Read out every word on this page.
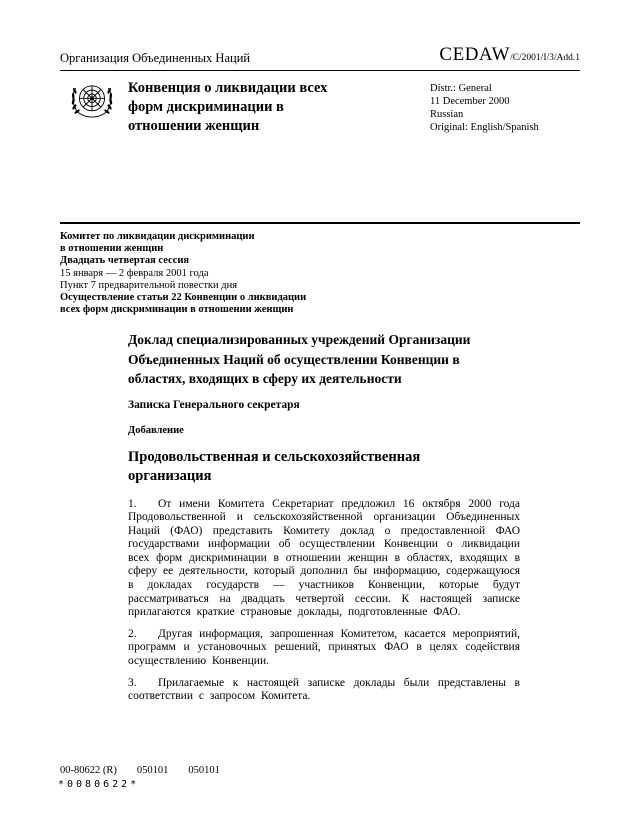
Организация Объединенных Наций	CEDAW/C/2001/I/3/Add.1
Конвенция о ликвидации всех форм дискриминации в отношении женщин
Distr.: General
11 December 2000
Russian
Original: English/Spanish
Комитет по ликвидации дискриминации
в отношении женщин
Двадцать четвертая сессия
15 января — 2 февраля 2001 года
Пункт 7 предварительной повестки дня
Осуществление статьи 22 Конвенции о ликвидации
всех форм дискриминации в отношении женщин

Доклад специализированных учреждений Организации Объединенных Наций об осуществлении Конвенции в областях, входящих в сферу их деятельности

Записка Генерального секретаря

Добавление

Продовольственная и сельскохозяйственная организация

1. От имени Комитета Секретариат предложил 16 октября 2000 года Продовольственной и сельскохозяйственной организации Объединенных Наций (ФАО) представить Комитету доклад о предоставленной ФАО государствами информации об осуществлении Конвенции о ликвидации всех форм дискриминации в отношении женщин в областях, входящих в сферу ее деятельности, который дополнил бы информацию, содержащуюся в докладах государств — участников Конвенции, которые будут рассматриваться на двадцать четвертой сессии. К настоящей записке прилагаются краткие страновые доклады, подготовленные ФАО.

2. Другая информация, запрошенная Комитетом, касается мероприятий, программ и установочных решений, принятых ФАО в целях содействия осуществлению Конвенции.

3. Прилагаемые к настоящей записке доклады были представлены в соответствии с запросом Комитета.

00-80622 (R) 050101 050101
*0080622*
